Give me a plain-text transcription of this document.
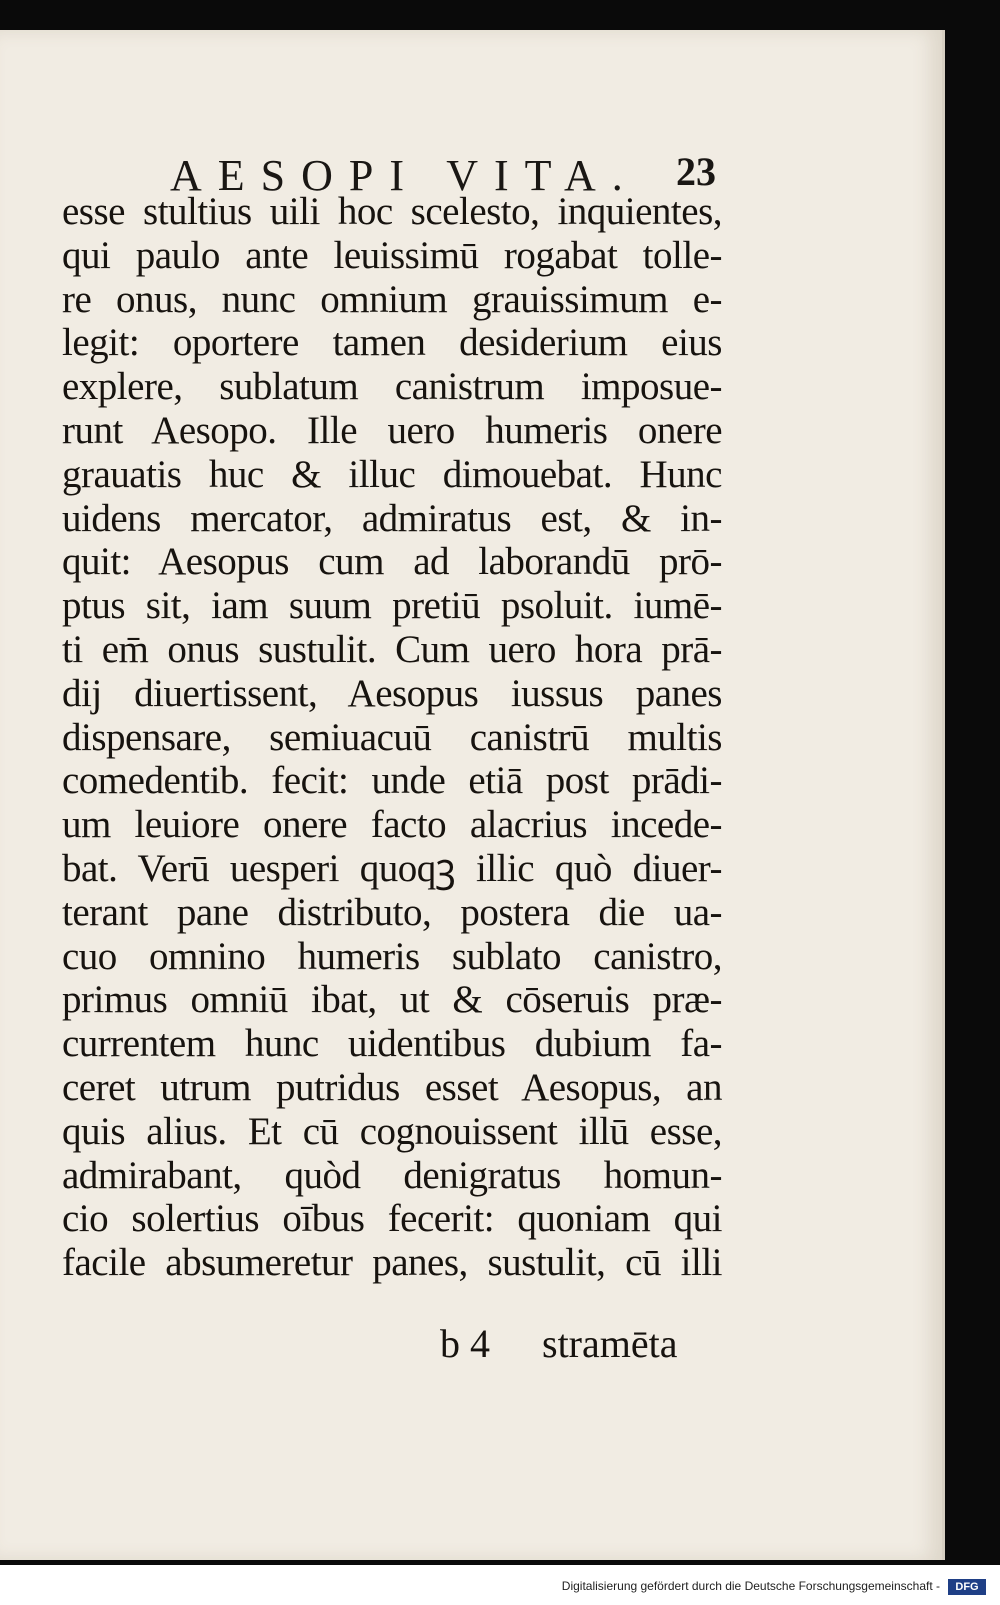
AESOPI VITA. 23
esse stultius uili hoc scelesto, inquientes,
qui paulo ante leuissimū rogabat tolle-
re onus, nunc omnium grauissimum e-
legit: oportere tamen desiderium eius
explere, sublatum canistrum imposue-
runt Aesopo. Ille uero humeris onere
grauatis huc & illuc dimouebat. Hunc
uidens mercator, admiratus est, & in-
quit: Aesopus cum ad laborandū prō-
ptus sit, iam suum pretiū psoluit. iumē-
ti em̄ onus sustulit. Cum uero hora prā-
dij diuertissent, Aesopus iussus panes
dispensare, semiuacuū canistrū multis
comedentib. fecit: unde etiā post prādi-
um leuiore onere facto alacrius incede-
bat. Verū uesperi quoqꝫ illic quò diuer-
terant pane distributo, postera die ua-
cuo omnino humeris sublato canistro,
primus omniū ibat, ut & cōseruis præ-
currentem hunc uidentibus dubium fa-
ceret utrum putridus esset Aesopus, an
quis alius. Et cū cognouissent illū esse,
admirabant, quòd denigratus homun-
cio solertius oībus fecerit: quoniam qui
facile absumeretur panes, sustulit, cū illi
b 4 stramēta
Digitalisierung gefördert durch die Deutsche Forschungsgemeinschaft -	DFG
